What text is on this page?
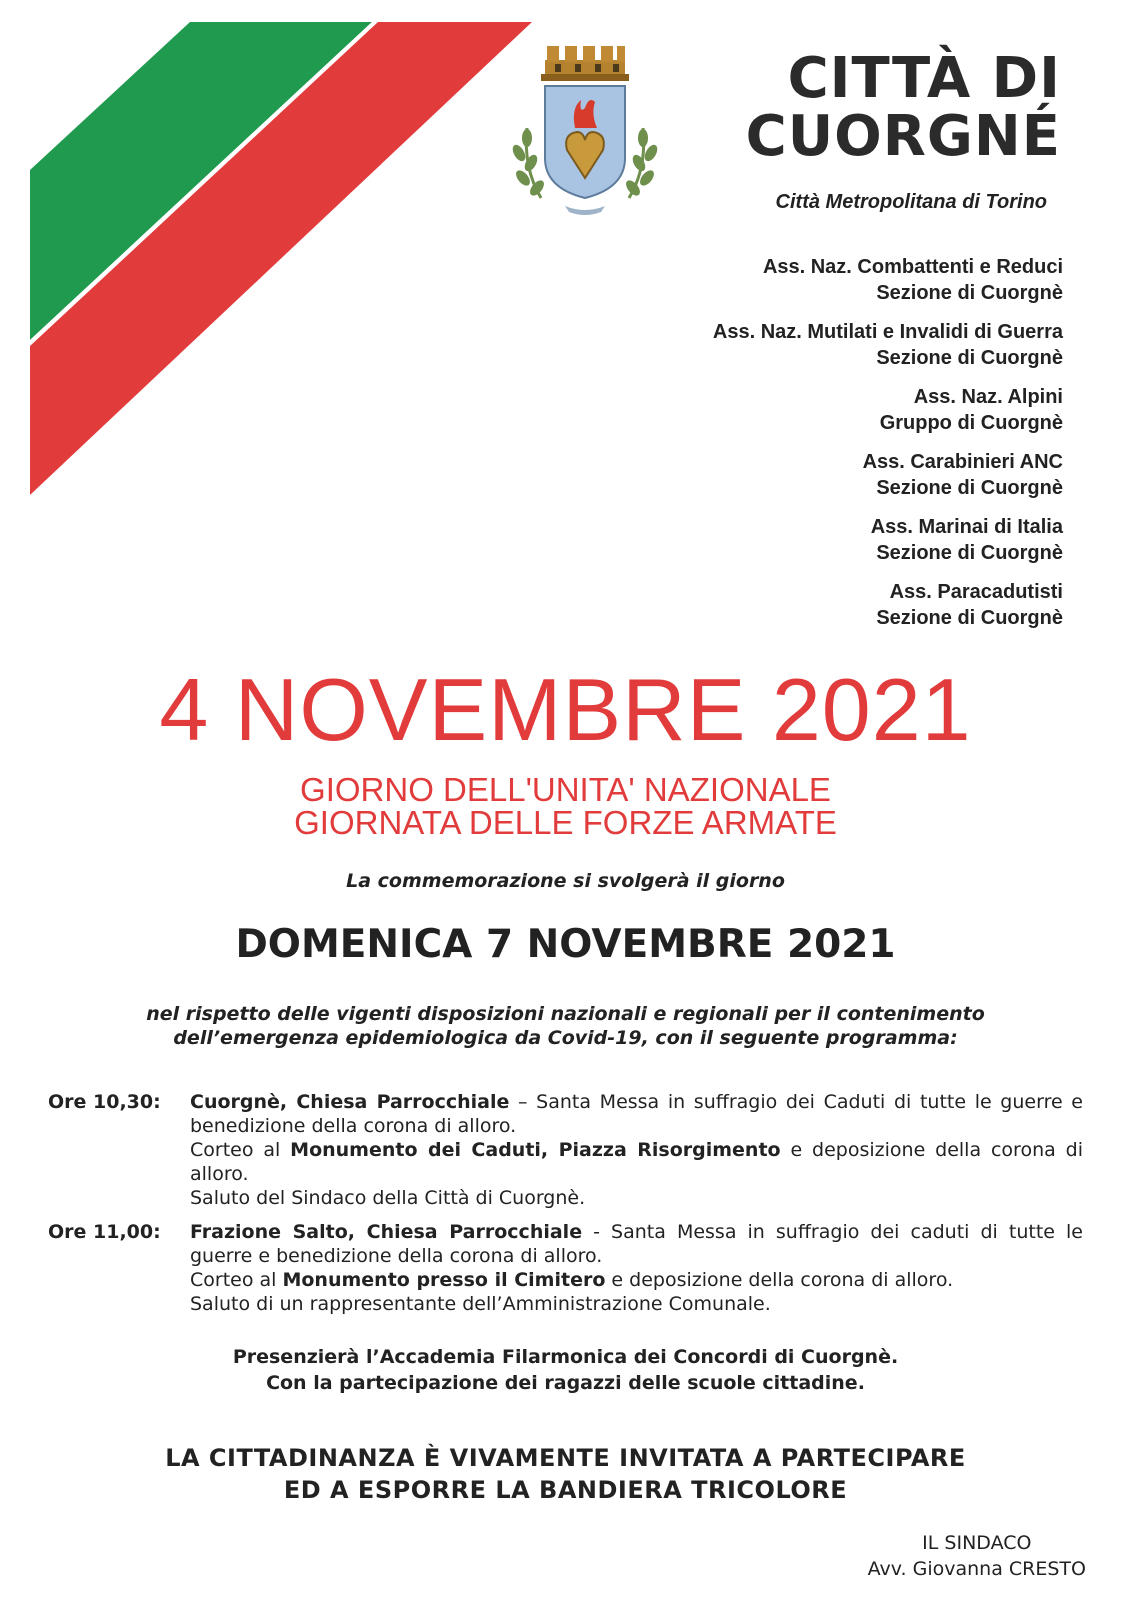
CITTÀ DI
CUORGNÉ
Città Metropolitana di Torino
Ass. Naz. Combattenti e Reduci
Sezione di Cuorgnè
Ass. Naz. Mutilati e Invalidi di Guerra
Sezione di Cuorgnè
Ass. Naz. Alpini
Gruppo di Cuorgnè
Ass. Carabinieri ANC
Sezione di Cuorgnè
Ass. Marinai di Italia
Sezione di Cuorgnè
Ass. Paracadutisti
Sezione di Cuorgnè
4 NOVEMBRE 2021
GIORNO DELL'UNITA' NAZIONALE
GIORNATA DELLE FORZE ARMATE
La commemorazione si svolgerà il giorno
DOMENICA 7 NOVEMBRE 2021
nel rispetto delle vigenti disposizioni nazionali e regionali per il contenimento
dell’emergenza epidemiologica da Covid-19, con il seguente programma:
Ore 10,30:	Cuorgnè, Chiesa Parrocchiale – Santa Messa in suffragio dei Caduti di tutte le guerre e benedizione della corona di alloro.

Corteo al Monumento dei Caduti, Piazza Risorgimento e deposizione della corona di alloro.

Saluto del Sindaco della Città di Cuorgnè.

Ore 11,00:	Frazione Salto, Chiesa Parrocchiale - Santa Messa in suffragio dei caduti di tutte le guerre e benedizione della corona di alloro.

Corteo al Monumento presso il Cimitero e deposizione della corona di alloro.

Saluto di un rappresentante dell’Amministrazione Comunale.

Presenzierà l’Accademia Filarmonica dei Concordi di Cuorgnè.
Con la partecipazione dei ragazzi delle scuole cittadine.
LA CITTADINANZA È VIVAMENTE INVITATA A PARTECIPARE
ED A ESPORRE LA BANDIERA TRICOLORE
IL SINDACO
Avv. Giovanna CRESTO
